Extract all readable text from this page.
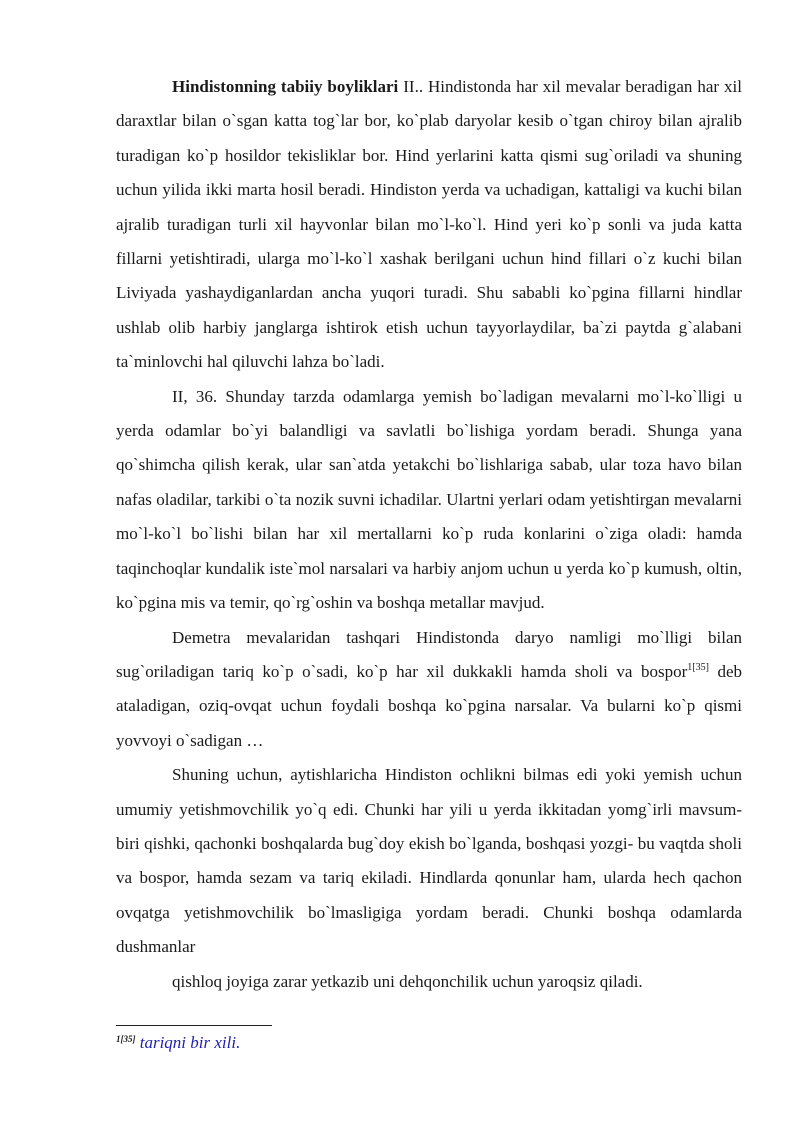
Hindistonning tabiiy boyliklari II.. Hindistonda har xil mevalar beradigan har xil daraxtlar bilan o`sgan katta tog`lar bor, ko`plab daryolar kesib o`tgan chiroy bilan ajralib turadigan ko`p hosildor tekisliklar bor. Hind yerlarini katta qismi sug`oriladi va shuning uchun yilida ikki marta hosil beradi. Hindiston yerda va uchadigan, kattaligi va kuchi bilan ajralib turadigan turli xil hayvonlar bilan mo`l-ko`l. Hind yeri ko`p sonli va juda katta fillarni yetishtiradi, ularga mo`l-ko`l xashak berilgani uchun hind fillari o`z kuchi bilan Liviyada yashaydiganlardan ancha yuqori turadi. Shu sababli ko`pgina fillarni hindlar ushlab olib harbiy janglarga ishtirok etish uchun tayyorlaydilar, ba`zi paytda g`alabani ta`minlovchi hal qiluvchi lahza bo`ladi.

II, 36. Shunday tarzda odamlarga yemish bo`ladigan mevalarni mo`l-ko`lligi u yerda odamlar bo`yi balandligi va savlatli bo`lishiga yordam beradi. Shunga yana qo`shimcha qilish kerak, ular san`atda yetakchi bo`lishlariga sabab, ular toza havo bilan nafas oladilar, tarkibi o`ta nozik suvni ichadilar. Ulartni yerlari odam yetishtirgan mevalarni mo`l-ko`l bo`lishi bilan har xil mertallarni ko`p ruda konlarini o`ziga oladi: hamda taqinchoqlar kundalik iste`mol narsalari va harbiy anjom uchun u yerda ko`p kumush, oltin, ko`pgina mis va temir, qo`rg`oshin va boshqa metallar mavjud.

Demetra mevalaridan tashqari Hindistonda daryo namligi mo`lligi bilan sug`oriladigan tariq ko`p o`sadi, ko`p har xil dukkakli hamda sholi va bospor$^{1[35]}$ deb ataladigan, oziq-ovqat uchun foydali boshqa ko`pgina narsalar. Va bularni ko`p qismi yovvoyi o`sadigan …

Shuning uchun, aytishlaricha Hindiston ochlikni bilmas edi yoki yemish uchun umumiy yetishmovchilik yo`q edi. Chunki har yili u yerda ikkitadan yomg`irli mavsum- biri qishki, qachonki boshqalarda bug`doy ekish bo`lganda, boshqasi yozgi- bu vaqtda sholi va bospor, hamda sezam va tariq ekiladi. Hindlarda qonunlar ham, ularda hech qachon ovqatga yetishmovchilik bo`lmasligiga yordam beradi. Chunki boshqa odamlarda dushmanlar

qishloq joyiga zarar yetkazib uni dehqonchilik uchun yaroqsiz qiladi.

$^{1[35]}$ tariqni bir xili.
